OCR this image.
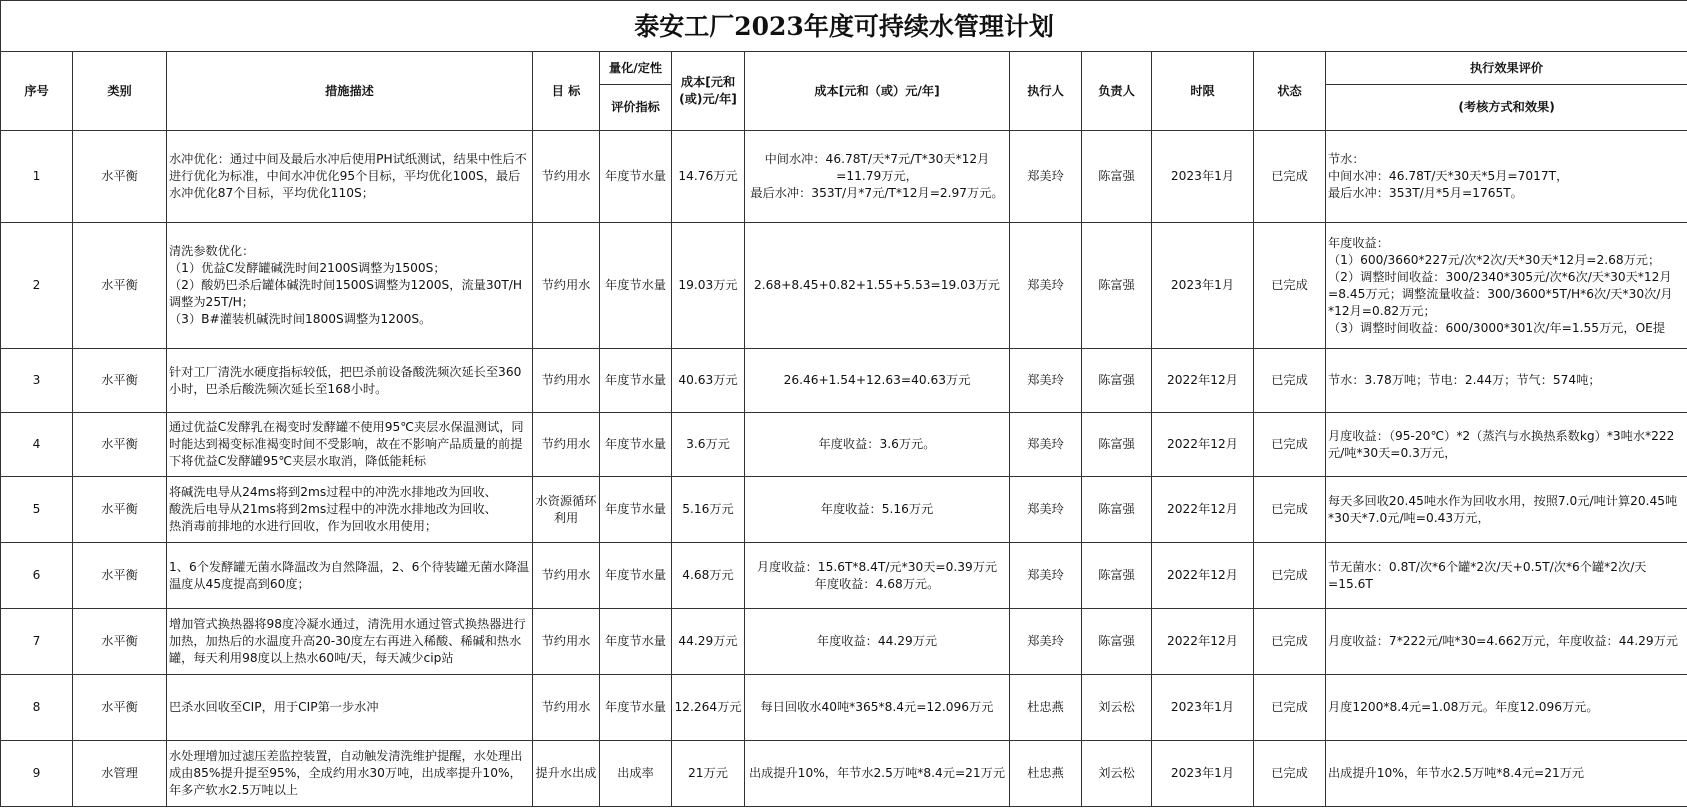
泰安工厂2023年度可持续水管理计划											
序号	类别	措施描述	目 标	量化/定性	成本[元和(或)元/年]	成本[元和（或）元/年]	执行人	负责人	时限	状态	执行效果评价
				评价指标							(考核方式和效果)

1	水平衡	水冲优化：通过中间及最后水冲后使用PH试纸测试，结果中性后不进行优化为标准，中间水冲优化95个目标，平均优化100S，最后水冲优化87个目标，平均优化110S；	节约用水	年度节水量	14.76万元	中间水冲：46.78T/天*7元/T*30天*12月=11.79万元，
最后水冲：353T/月*7元/T*12月=2.97万元。	郑美玲	陈富强	2023年1月	已完成	节水：
中间水冲：46.78T/天*30天*5月=7017T，
最后水冲：353T/月*5月=1765T。

2	水平衡	清洗参数优化：
（1）优益C发酵罐碱洗时间2100S调整为1500S；
（2）酸奶巴杀后罐体碱洗时间1500S调整为1200S，流量30T/H调整为25T/H；
（3）B#灌装机碱洗时间1800S调整为1200S。	节约用水	年度节水量	19.03万元	2.68+8.45+0.82+1.55+5.53=19.03万元	郑美玲	陈富强	2023年1月	已完成	年度收益：
（1）600/3660*227元/次*2次/天*30天*12月=2.68万元；
（2）调整时间收益：300/2340*305元/次*6次/天*30天*12月=8.45万元；调整流量收益：300/3600*5T/H*6次/天*30次/月*12月=0.82万元；
（3）调整时间收益：600/3000*301次/年=1.55万元，OE提

3	水平衡	针对工厂清洗水硬度指标较低，把巴杀前设备酸洗频次延长至360小时，巴杀后酸洗频次延长至168小时。	节约用水	年度节水量	40.63万元	26.46+1.54+12.63=40.63万元	郑美玲	陈富强	2022年12月	已完成	节水：3.78万吨；节电：2.44万；节气：574吨；

4	水平衡	通过优益C发酵乳在褐变时发酵罐不使用95℃夹层水保温测试，同时能达到褐变标准褐变时间不受影响，故在不影响产品质量的前提下将优益C发酵罐95℃夹层水取消，降低能耗标	节约用水	年度节水量	3.6万元	年度收益：3.6万元。	郑美玲	陈富强	2022年12月	已完成	月度收益：（95-20℃）*2（蒸汽与水换热系数kg）*3吨水*222元/吨*30天=0.3万元，

5	水平衡	将碱洗电导从24ms将到2ms过程中的冲洗水排地改为回收、
酸洗后电导从21ms将到2ms过程中的冲洗水排地改为回收、
热消毒前排地的水进行回收，作为回收水用使用；	水资源循环利用	年度节水量	5.16万元	年度收益：5.16万元	郑美玲	陈富强	2022年12月	已完成	每天多回收20.45吨水作为回收水用，按照7.0元/吨计算20.45吨*30天*7.0元/吨=0.43万元，

6	水平衡	1、6个发酵罐无菌水降温改为自然降温，2、6个待装罐无菌水降温温度从45度提高到60度；	节约用水	年度节水量	4.68万元	月度收益：15.6T*8.4T/元*30天=0.39万元
年度收益：4.68万元。	郑美玲	陈富强	2022年12月	已完成	节无菌水：0.8T/次*6个罐*2次/天+0.5T/次*6个罐*2次/天=15.6T

7	水平衡	增加管式换热器将98度冷凝水通过，清洗用水通过管式换热器进行加热，加热后的水温度升高20-30度左右再进入稀酸、稀碱和热水罐，每天利用98度以上热水60吨/天，每天减少cip站	节约用水	年度节水量	44.29万元	年度收益：44.29万元	郑美玲	陈富强	2022年12月	已完成	月度收益：7*222元/吨*30=4.662万元，年度收益：44.29万元

8	水平衡	巴杀水回收至CIP，用于CIP第一步水冲	节约用水	年度节水量	12.264万元	每日回收水40吨*365*8.4元=12.096万元	杜忠燕	刘云松	2023年1月	已完成	月度1200*8.4元=1.08万元。年度12.096万元。

9	水管理	水处理增加过滤压差监控装置，自动触发清洗维护提醒，水处理出成由85%提升提至95%，全成约用水30万吨，出成率提升10%，年多产软水2.5万吨以上	提升水出成	出成率	21万元	出成提升10%，年节水2.5万吨*8.4元=21万元	杜忠燕	刘云松	2023年1月	已完成	出成提升10%，年节水2.5万吨*8.4元=21万元
